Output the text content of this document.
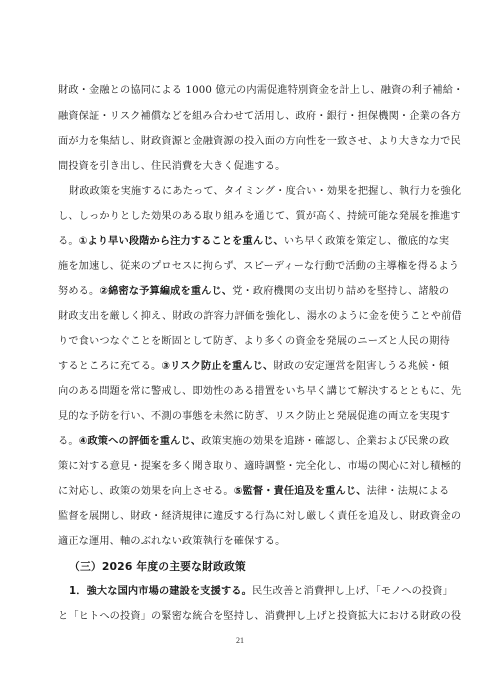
財政・金融との協同による 1000 億元の内需促進特別資金を計上し、融資の利子補給・
融資保証・リスク補償などを組み合わせて活用し、政府・銀行・担保機関・企業の各方
面が力を集結し、財政資源と金融資源の投入面の方向性を一致させ、より大きな力で民
間投資を引き出し、住民消費を大きく促進する。
財政政策を実施するにあたって、タイミング・度合い・効果を把握し、執行力を強化
し、しっかりとした効果のある取り組みを通じて、質が高く、持続可能な発展を推進す
る。①より早い段階から注力することを重んじ、いち早く政策を策定し、徹底的な実
施を加速し、従来のプロセスに拘らず、スピーディーな行動で活動の主導権を得るよう
努める。②綿密な予算編成を重んじ、党・政府機関の支出切り詰めを堅持し、諸般の
財政支出を厳しく抑え、財政の許容力評価を強化し、湯水のように金を使うことや前借
りで食いつなぐことを断固として防ぎ、より多くの資金を発展のニーズと人民の期待
するところに充てる。③リスク防止を重んじ、財政の安定運営を阻害しうる兆候・傾
向のある問題を常に警戒し、即効性のある措置をいち早く講じて解決するとともに、先
見的な予防を行い、不測の事態を未然に防ぎ、リスク防止と発展促進の両立を実現す
る。④政策への評価を重んじ、政策実施の効果を追跡・確認し、企業および民衆の政
策に対する意見・提案を多く聞き取り、適時調整・完全化し、市場の関心に対し積極的
に対応し、政策の効果を向上させる。⑤監督・責任追及を重んじ、法律・法規による
監督を展開し、財政・経済規律に違反する行為に対し厳しく責任を追及し、財政資金の
適正な運用、軸のぶれない政策執行を確保する。
（三）2026 年度の主要な財政政策
1．強大な国内市場の建設を支援する。民生改善と消費押し上げ、「モノへの投資」
と「ヒトへの投資」の緊密な統合を堅持し、消費押し上げと投資拡大における財政の役
21
